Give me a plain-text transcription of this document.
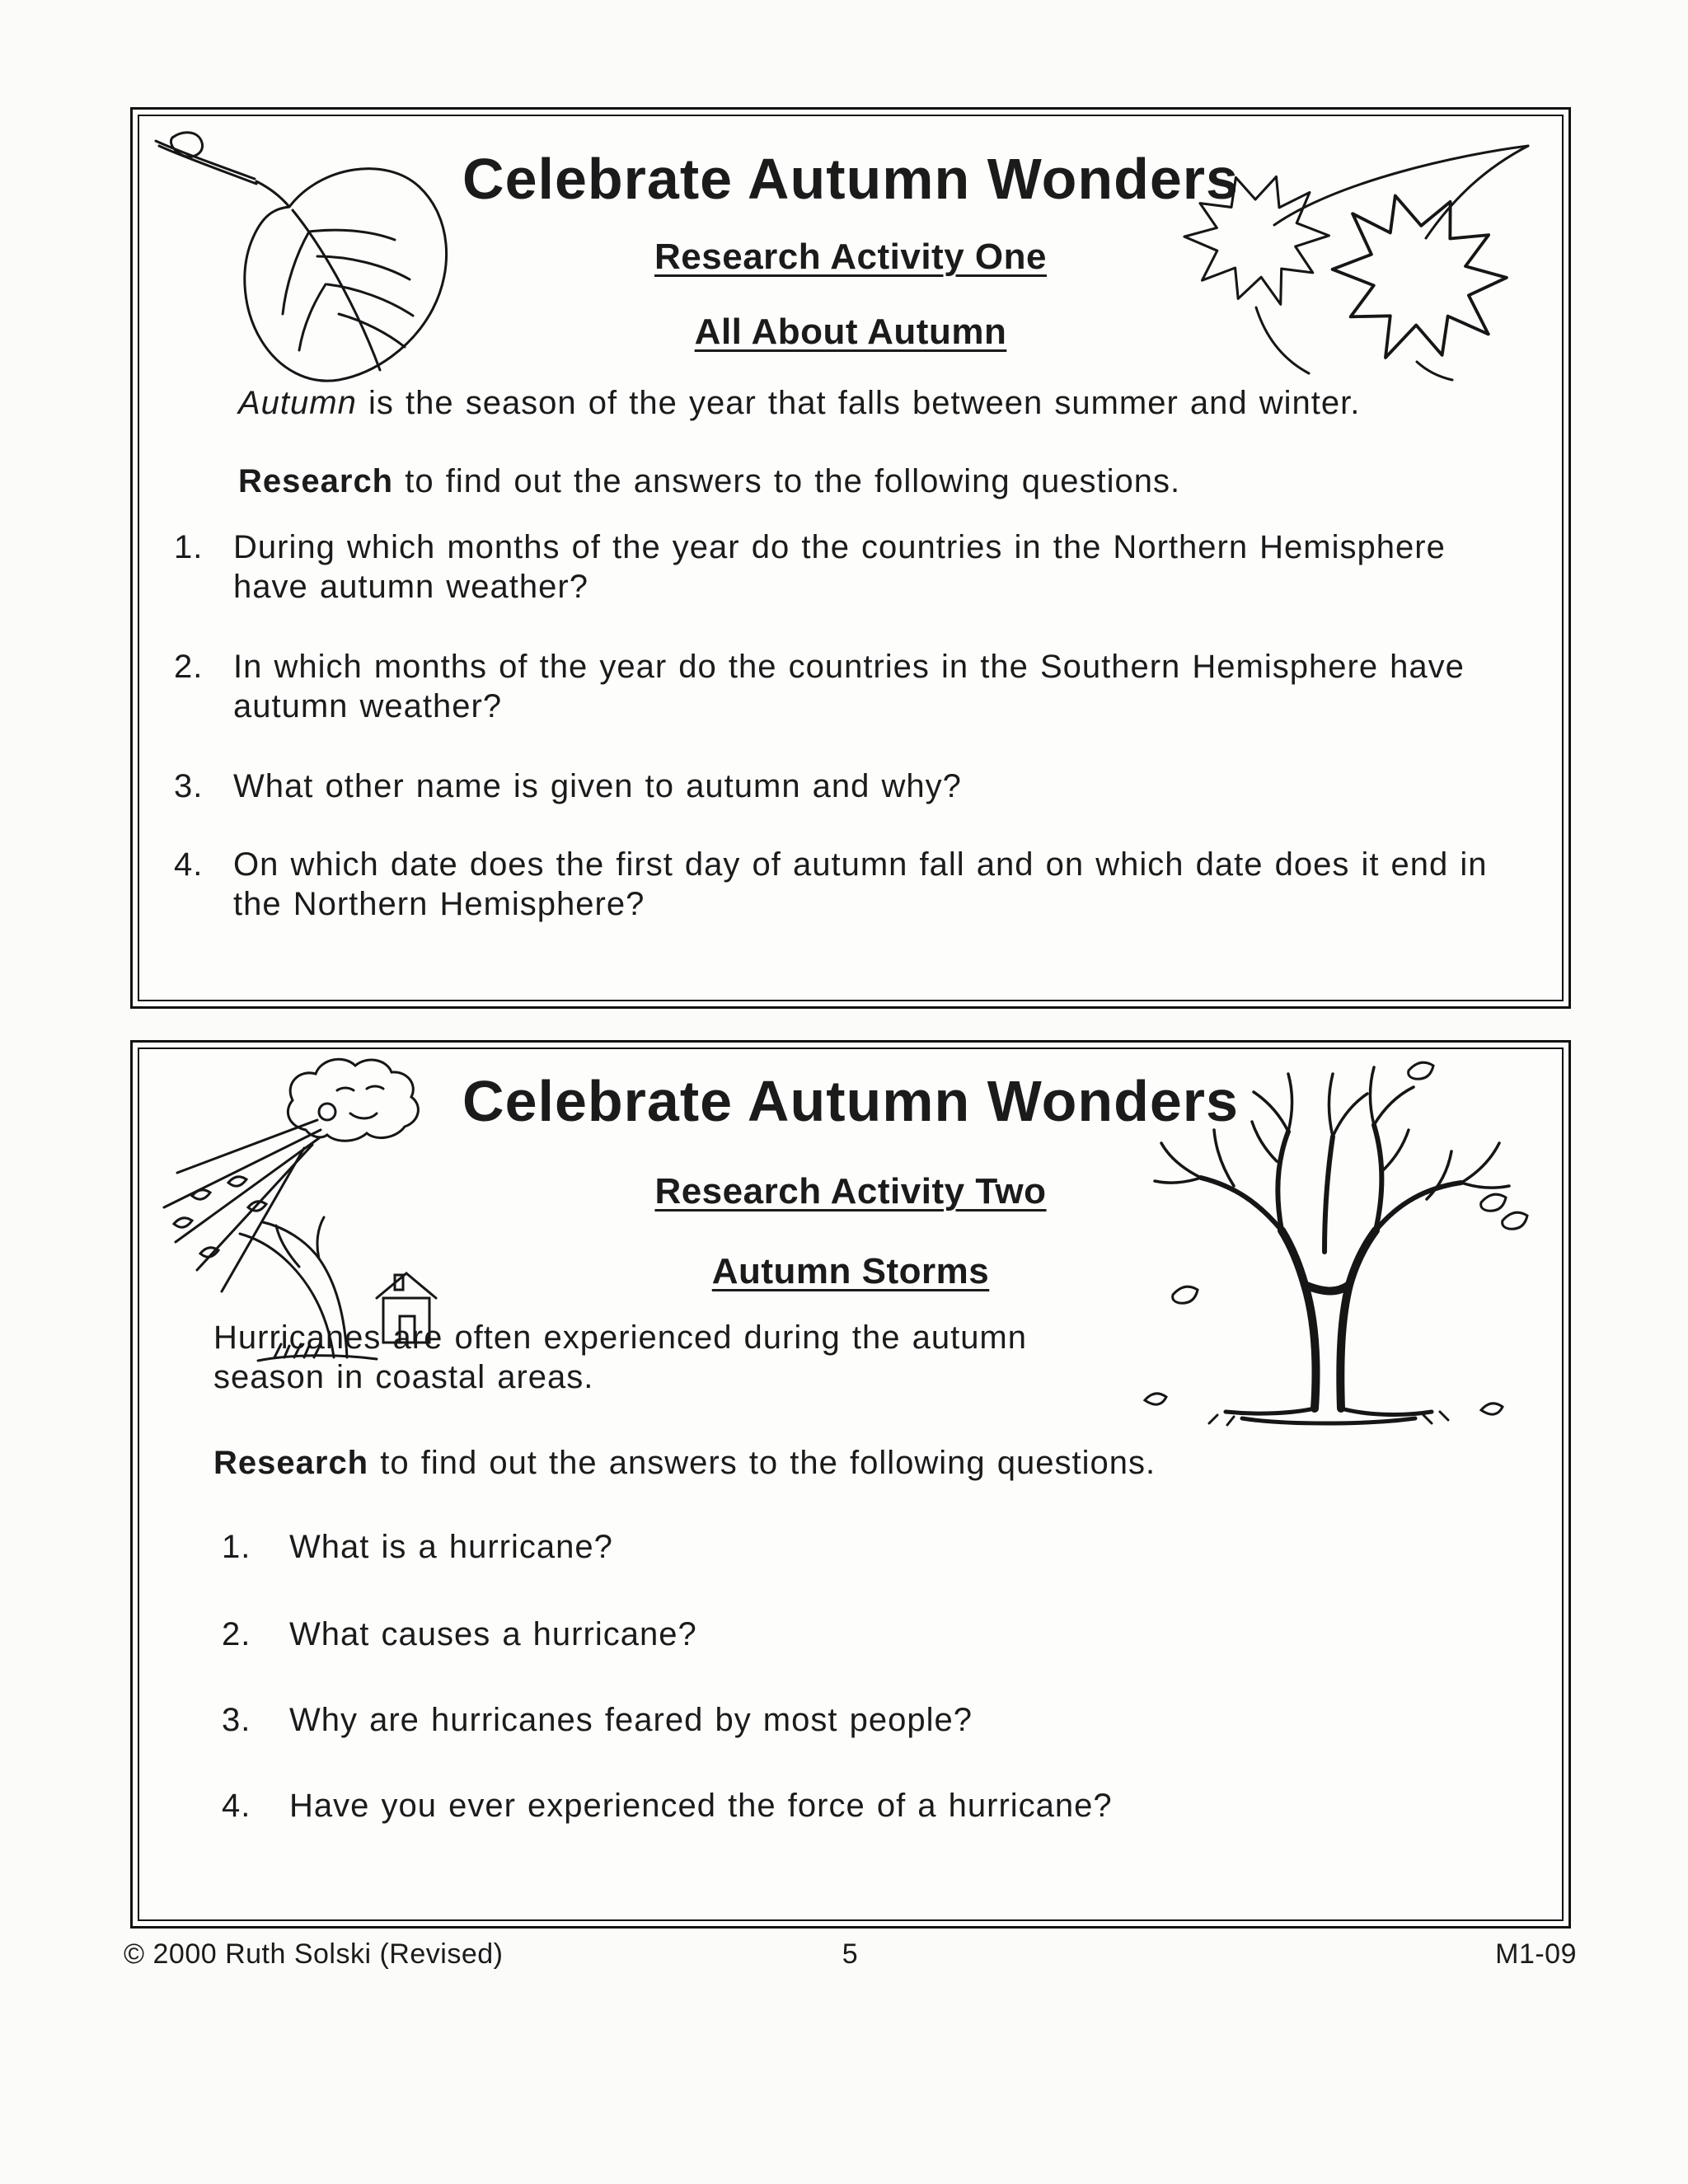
Celebrate Autumn Wonders
Research Activity One
All About Autumn

Autumn is the season of the year that falls between summer and winter.

Research to find out the answers to the following questions.

1. During which months of the year do the countries in the Northern Hemisphere have autumn weather?
2. In which months of the year do the countries in the Southern Hemisphere have autumn weather?
3. What other name is given to autumn and why?
4. On which date does the first day of autumn fall and on which date does it end in the Northern Hemisphere?
Celebrate Autumn Wonders
Research Activity Two
Autumn Storms

Hurricanes are often experienced during the autumn season in coastal areas.

Research to find out the answers to the following questions.

1.	What is a hurricane?
2.	What causes a hurricane?
3.	Why are hurricanes feared by most people?
4.	Have you ever experienced the force of a hurricane?
© 2000 Ruth Solski (Revised)	5	M1-09
